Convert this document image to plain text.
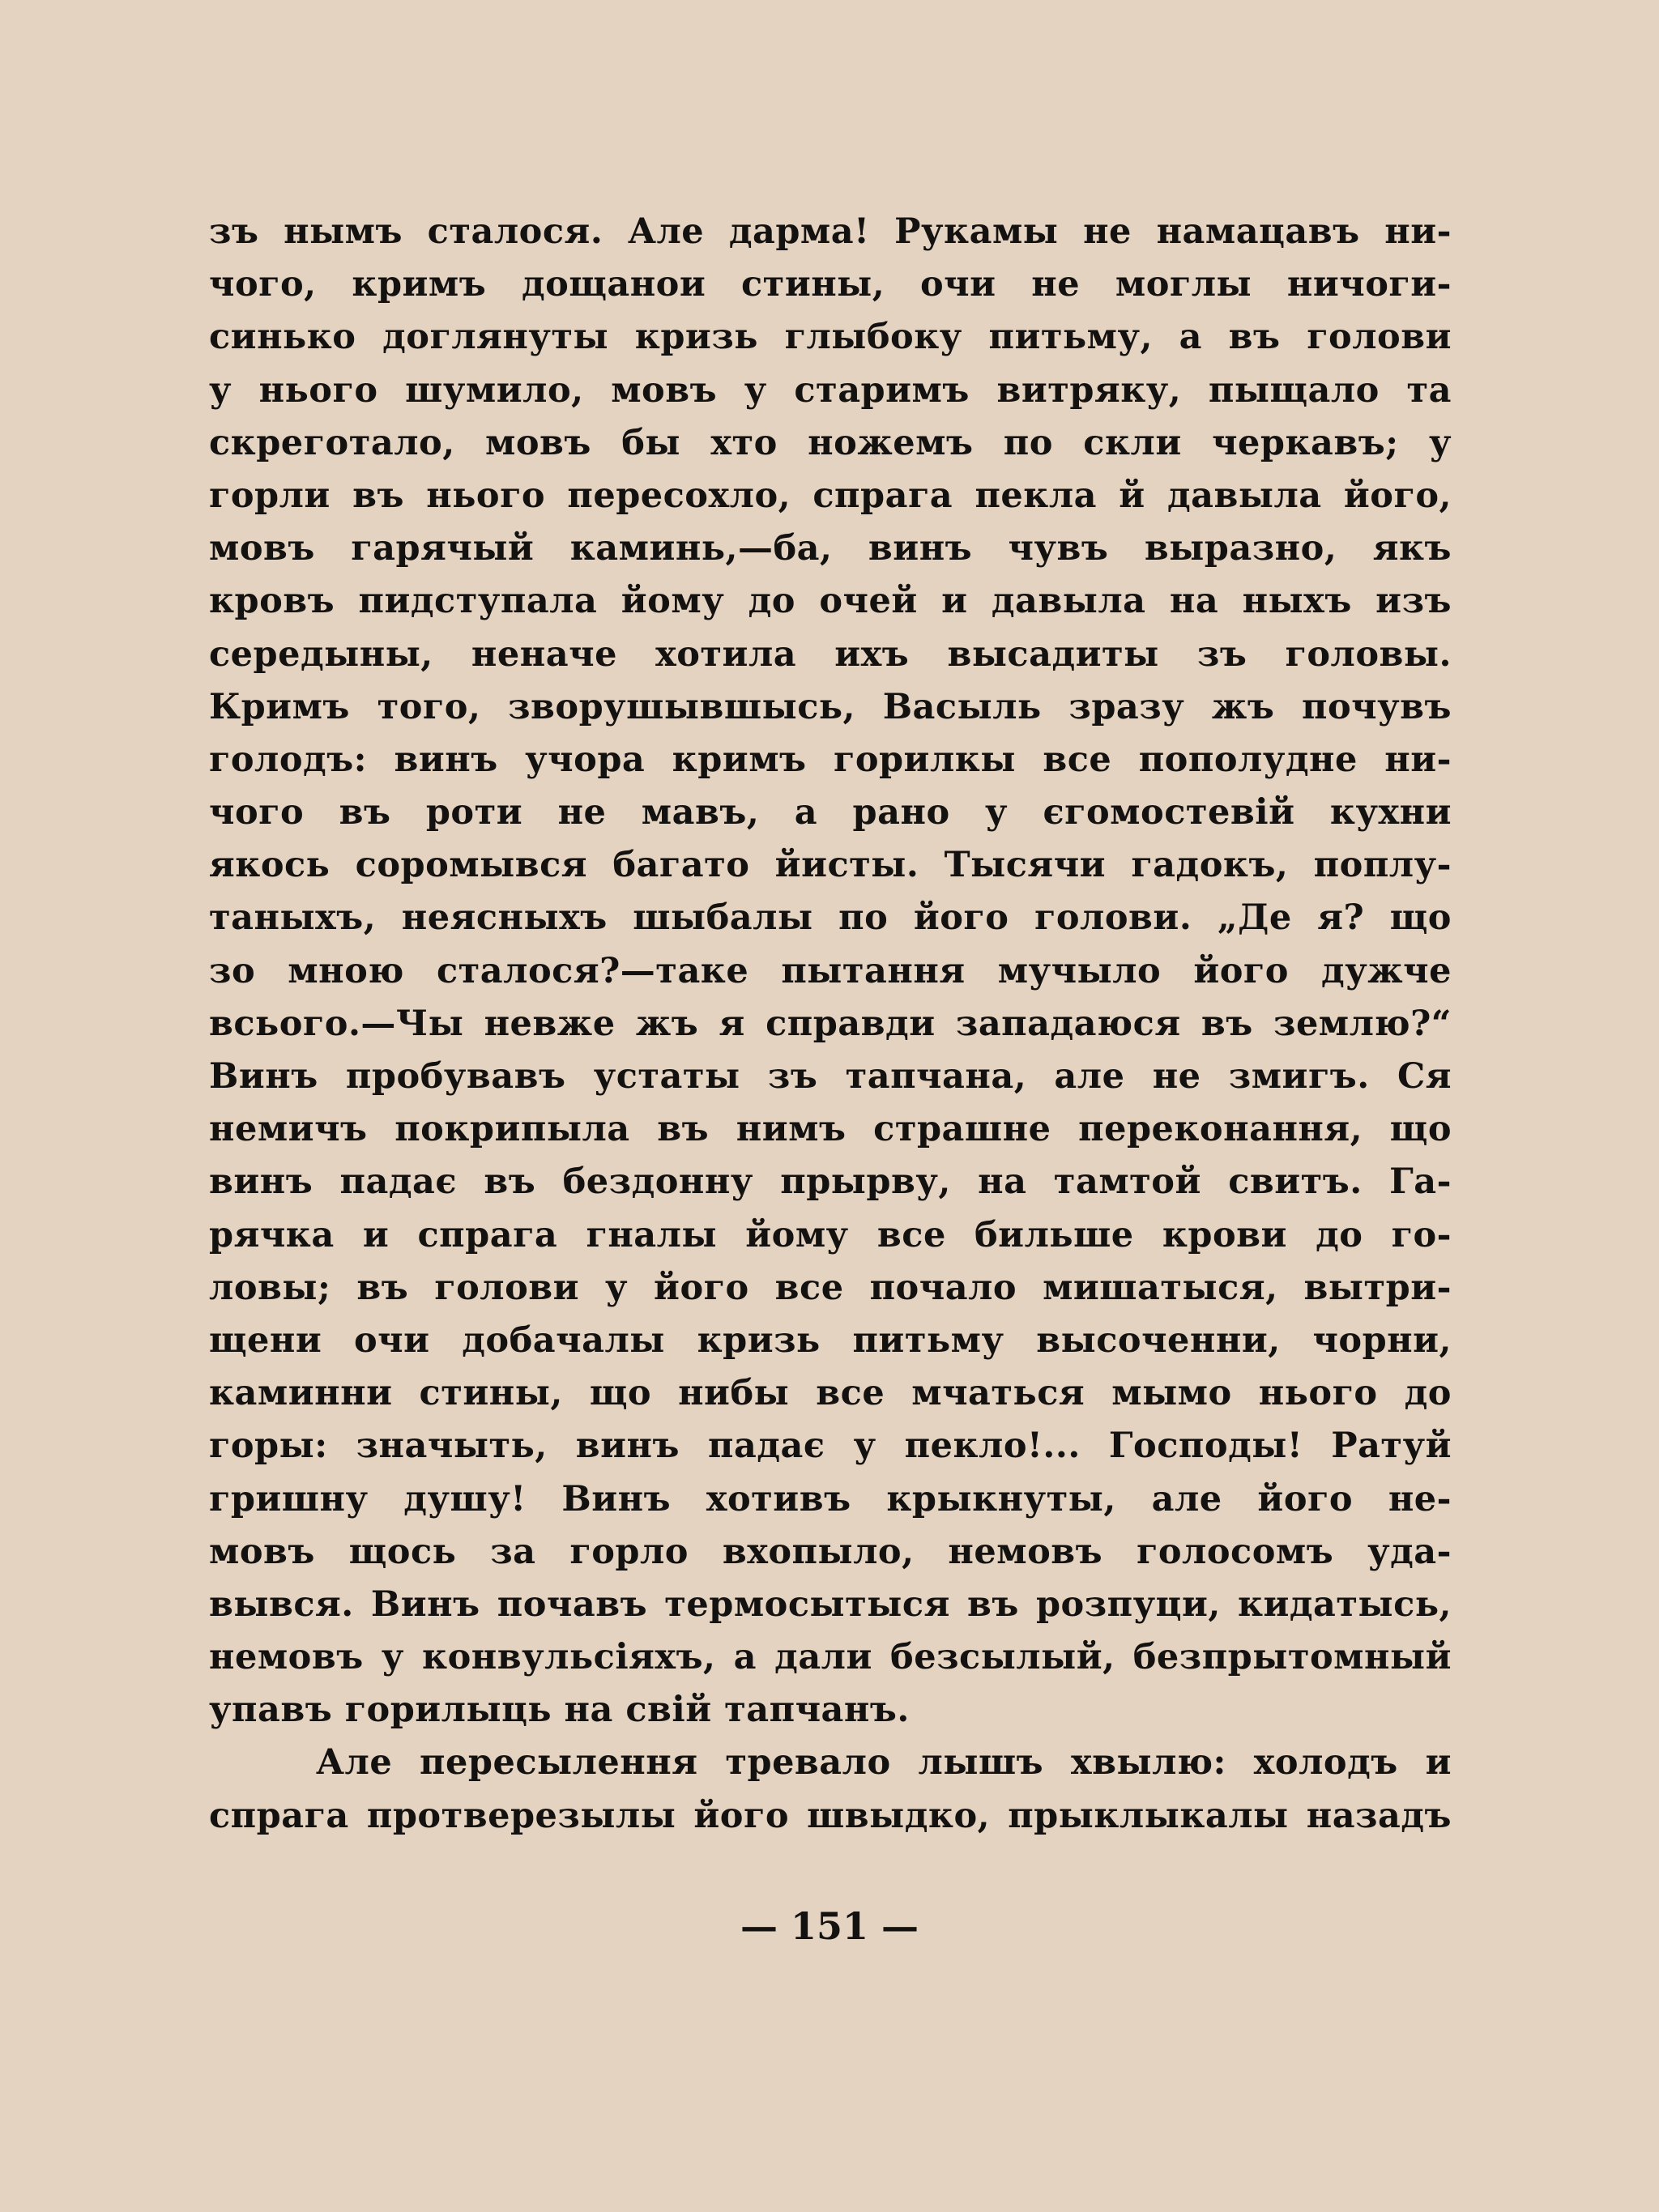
зъ нымъ сталося. Але дарма! Рукамы не намацавъ ни-
чого, кримъ дощанои стины, очи не моглы ничоги-
синько доглянуты кризь глыбоку питьму, а въ голови
у нього шумило, мовъ у старимъ витряку, пыщало та
скреготало, мовъ бы хто ножемъ по скли черкавъ; у
горли въ нього пересохло, спрага пекла й давыла його,
мовъ гарячый каминь,—ба, винъ чувъ выразно, якъ
кровъ пидступала йому до очей и давыла на ныхъ изъ
середыны, неначе хотила ихъ высадиты зъ головы.
Кримъ того, зворушывшысь, Васыль зразу жъ почувъ
голодъ: винъ учора кримъ горилкы все пополудне ни-
чого въ роти не мавъ, а рано у єгомостевій кухни
якось соромывся багато йисты. Тысячи гадокъ, поплу-
таныхъ, неясныхъ шыбалы по його голови. „Де я? що
зо мною сталося?—таке пытання мучыло його дужче
всього.—Чы невже жъ я справди западаюся въ землю?“
Винъ пробувавъ устаты зъ тапчана, але не змигъ. Ся
немичъ покрипыла въ нимъ страшне переконання, що
винъ падає въ бездонну прырву, на тамтой свитъ. Га-
рячка и спрага гналы йому все бильше крови до го-
ловы; въ голови у його все почало мишатыся, вытри-
щени очи добачалы кризь питьму высоченни, чорни,
каминни стины, що нибы все мчаться мымо нього до
горы: значыть, винъ падає у пекло!... Господы! Ратуй
гришну душу! Винъ хотивъ крыкнуты, але його не-
мовъ щось за горло вхопыло, немовъ голосомъ уда-
вывся. Винъ почавъ термосытыся въ розпуци, кидатысь,
немовъ у конвульсіяхъ, а дали безсылый, безпрытомный
упавъ горилыць на свій тапчанъ.
Але пересылення тревало лышъ хвылю: холодъ и
спрага протверезылы його швыдко, прыклыкалы назадъ
— 151 —
